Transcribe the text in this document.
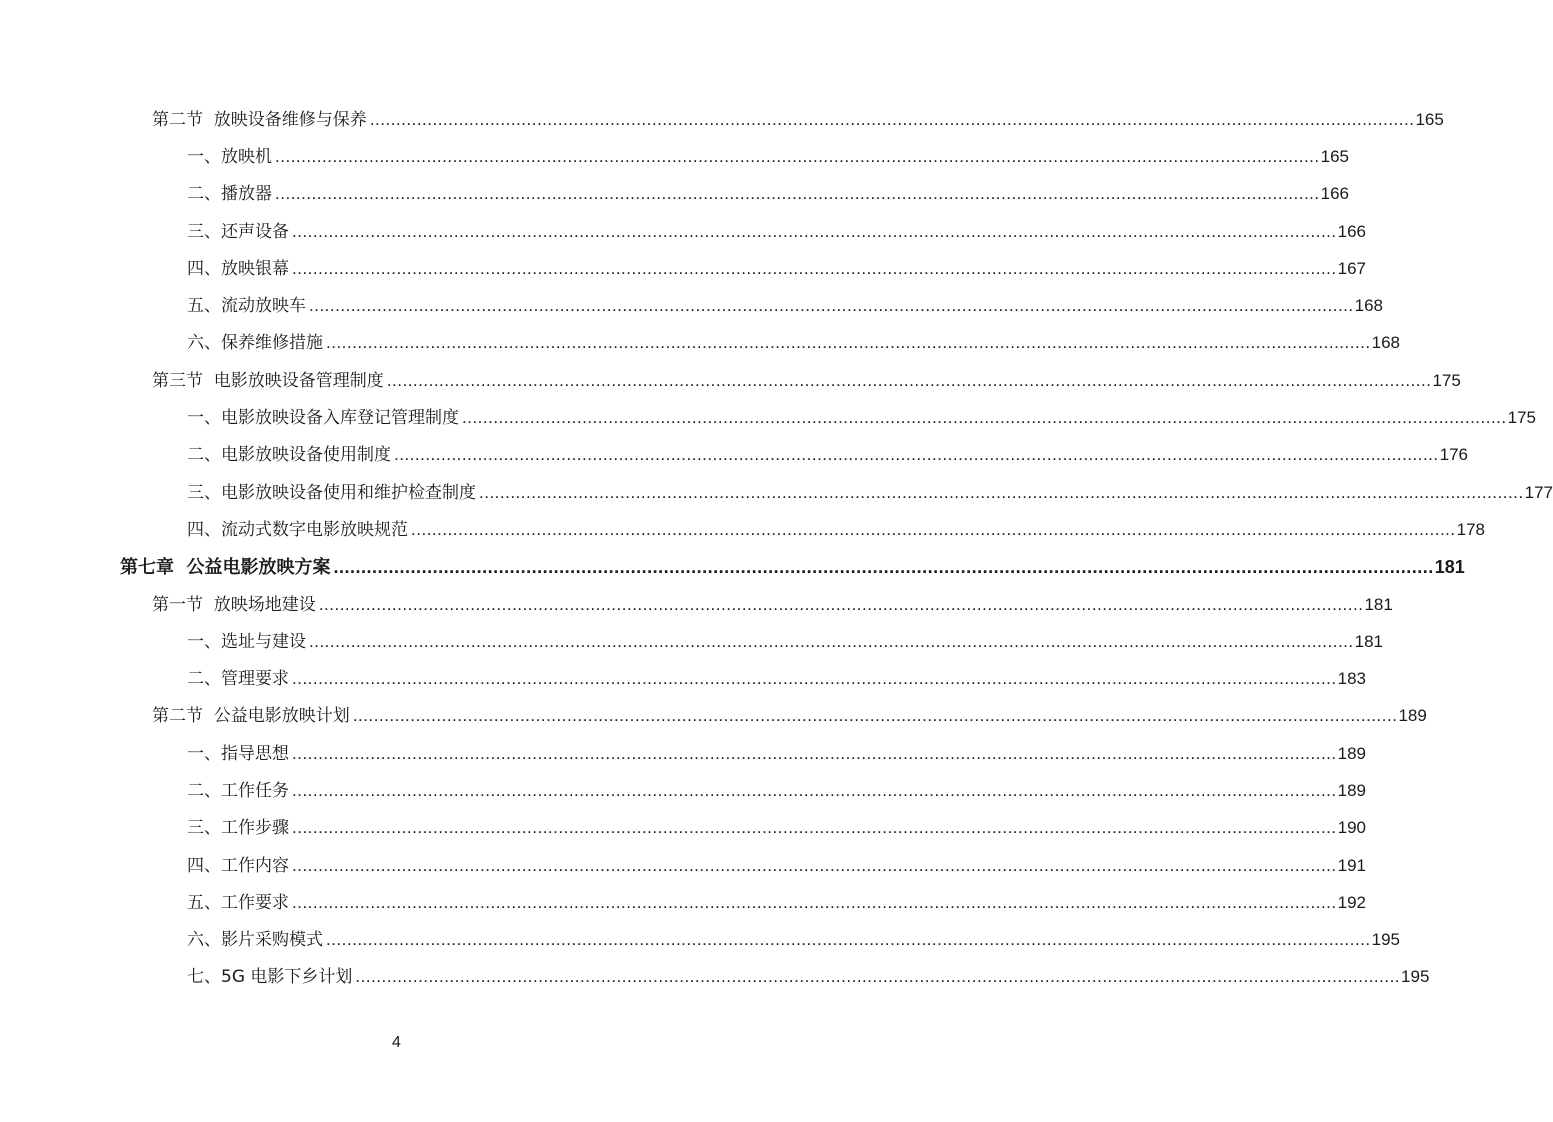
第二节  放映设备维修与保养 ........................................................................................................................................................................................................ 165
一、放映机 ........................................................................................................................................................................................................ 165
二、播放器 ........................................................................................................................................................................................................ 166
三、还声设备 ........................................................................................................................................................................................................ 166
四、放映银幕 ........................................................................................................................................................................................................ 167
五、流动放映车 ........................................................................................................................................................................................................ 168
六、保养维修措施 ........................................................................................................................................................................................................ 168
第三节  电影放映设备管理制度 ........................................................................................................................................................................................................ 175
一、电影放映设备入库登记管理制度 ........................................................................................................................................................................................................ 175
二、电影放映设备使用制度 ........................................................................................................................................................................................................ 176
三、电影放映设备使用和维护检查制度 ........................................................................................................................................................................................................ 177
四、流动式数字电影放映规范 ........................................................................................................................................................................................................ 178
第七章  公益电影放映方案 ........................................................................................................................................................................................................ 181
第一节  放映场地建设 ........................................................................................................................................................................................................ 181
一、选址与建设 ........................................................................................................................................................................................................ 181
二、管理要求 ........................................................................................................................................................................................................ 183
第二节  公益电影放映计划 ........................................................................................................................................................................................................ 189
一、指导思想 ........................................................................................................................................................................................................ 189
二、工作任务 ........................................................................................................................................................................................................ 189
三、工作步骤 ........................................................................................................................................................................................................ 190
四、工作内容 ........................................................................................................................................................................................................ 191
五、工作要求 ........................................................................................................................................................................................................ 192
六、影片采购模式 ........................................................................................................................................................................................................ 195
七、5G 电影下乡计划 ........................................................................................................................................................................................................ 195
4
